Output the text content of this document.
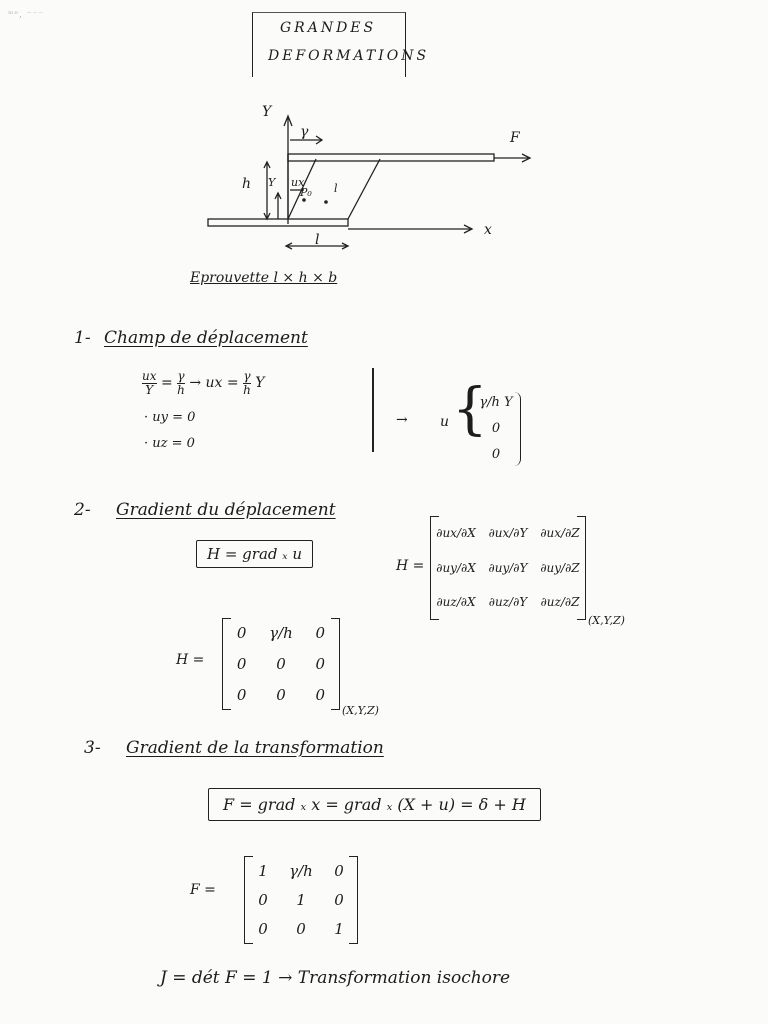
ᵐᵉ, ⁻⁻⁻
GRANDES
DEFORMATIONS
Y
x
F
γ
h Y ux
P₀ l
l
Eprouvette l × h × b
1- Champ de déplacement
$\frac{ux}{Y} = \frac{\gamma}{h}$ → ux = $\frac{\gamma}{h}$ Y
· uy = 0
· uz = 0
→ u {
γ/h Y
0
0
2- Gradient du déplacement
H = grad ₓ u
H =
∂ux/∂X ∂ux/∂Y ∂ux/∂Z
∂uy/∂X ∂uy/∂Y ∂uy/∂Z
∂uz/∂X ∂uz/∂Y ∂uz/∂Z
(X,Y,Z)
H =
0 γ/h 0
0 0 0
0 0 0
(X,Y,Z)
3- Gradient de la transformation
F = grad ₓ x = grad ₓ (X + u) = δ + H
F =
1 γ/h 0
0 1 0
0 0 1
J = dét F = 1 → Transformation isochore
